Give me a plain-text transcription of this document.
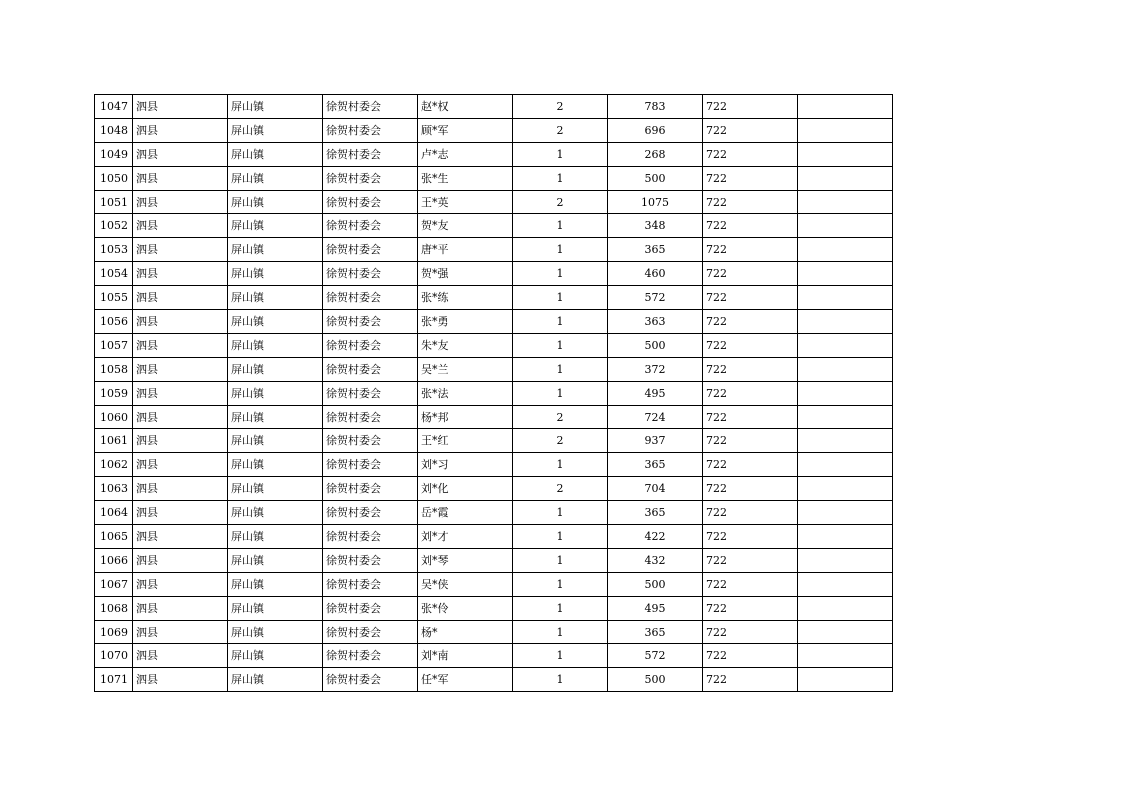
1047	泗县	屏山镇	徐贺村委会	赵*权	2	783	722	
1048	泗县	屏山镇	徐贺村委会	顾*军	2	696	722	
1049	泗县	屏山镇	徐贺村委会	卢*志	1	268	722	
1050	泗县	屏山镇	徐贺村委会	张*生	1	500	722	
1051	泗县	屏山镇	徐贺村委会	王*英	2	1075	722	
1052	泗县	屏山镇	徐贺村委会	贺*友	1	348	722	
1053	泗县	屏山镇	徐贺村委会	唐*平	1	365	722	
1054	泗县	屏山镇	徐贺村委会	贺*强	1	460	722	
1055	泗县	屏山镇	徐贺村委会	张*练	1	572	722	
1056	泗县	屏山镇	徐贺村委会	张*勇	1	363	722	
1057	泗县	屏山镇	徐贺村委会	朱*友	1	500	722	
1058	泗县	屏山镇	徐贺村委会	吴*兰	1	372	722	
1059	泗县	屏山镇	徐贺村委会	张*法	1	495	722	
1060	泗县	屏山镇	徐贺村委会	杨*邦	2	724	722	
1061	泗县	屏山镇	徐贺村委会	王*红	2	937	722	
1062	泗县	屏山镇	徐贺村委会	刘*习	1	365	722	
1063	泗县	屏山镇	徐贺村委会	刘*化	2	704	722	
1064	泗县	屏山镇	徐贺村委会	岳*霞	1	365	722	
1065	泗县	屏山镇	徐贺村委会	刘*才	1	422	722	
1066	泗县	屏山镇	徐贺村委会	刘*琴	1	432	722	
1067	泗县	屏山镇	徐贺村委会	吴*侠	1	500	722	
1068	泗县	屏山镇	徐贺村委会	张*伶	1	495	722	
1069	泗县	屏山镇	徐贺村委会	杨*	1	365	722	
1070	泗县	屏山镇	徐贺村委会	刘*南	1	572	722	
1071	泗县	屏山镇	徐贺村委会	任*军	1	500	722	
